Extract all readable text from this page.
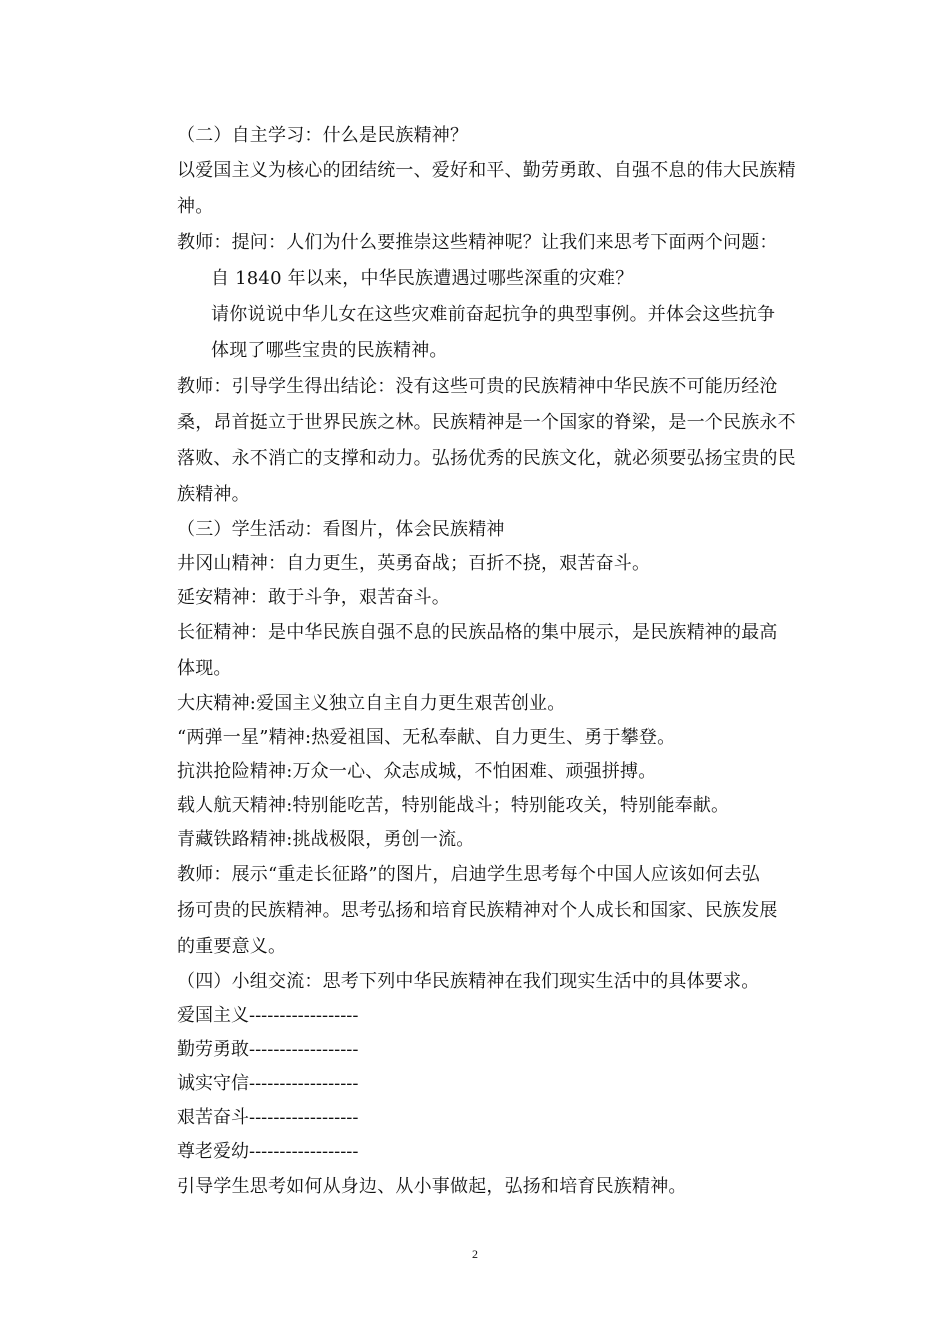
（二）自主学习：什么是民族精神？
以爱国主义为核心的团结统一、爱好和平、勤劳勇敢、自强不息的伟大民族精
神。
教师：提问：人们为什么要推崇这些精神呢？让我们来思考下面两个问题：
自 1840 年以来，中华民族遭遇过哪些深重的灾难？
请你说说中华儿女在这些灾难前奋起抗争的典型事例。并体会这些抗争
体现了哪些宝贵的民族精神。
教师：引导学生得出结论：没有这些可贵的民族精神中华民族不可能历经沧
桑，昂首挺立于世界民族之林。民族精神是一个国家的脊梁，是一个民族永不
落败、永不消亡的支撑和动力。弘扬优秀的民族文化，就必须要弘扬宝贵的民
族精神。
（三）学生活动：看图片，体会民族精神
井冈山精神：自力更生，英勇奋战；百折不挠，艰苦奋斗。
延安精神：敢于斗争，艰苦奋斗。
长征精神：是中华民族自强不息的民族品格的集中展示，是民族精神的最高
体现。
大庆精神:爱国主义独立自主自力更生艰苦创业。
“两弹一星”精神:热爱祖国、无私奉献、自力更生、勇于攀登。
抗洪抢险精神:万众一心、众志成城，不怕困难、顽强拼搏。
载人航天精神:特别能吃苦，特别能战斗；特别能攻关，特别能奉献。
青藏铁路精神:挑战极限，勇创一流。
教师：展示“重走长征路”的图片，启迪学生思考每个中国人应该如何去弘
扬可贵的民族精神。思考弘扬和培育民族精神对个人成长和国家、民族发展
的重要意义。
（四）小组交流：思考下列中华民族精神在我们现实生活中的具体要求。
爱国主义------------------
勤劳勇敢------------------
诚实守信------------------
艰苦奋斗------------------
尊老爱幼------------------
引导学生思考如何从身边、从小事做起，弘扬和培育民族精神。
2
